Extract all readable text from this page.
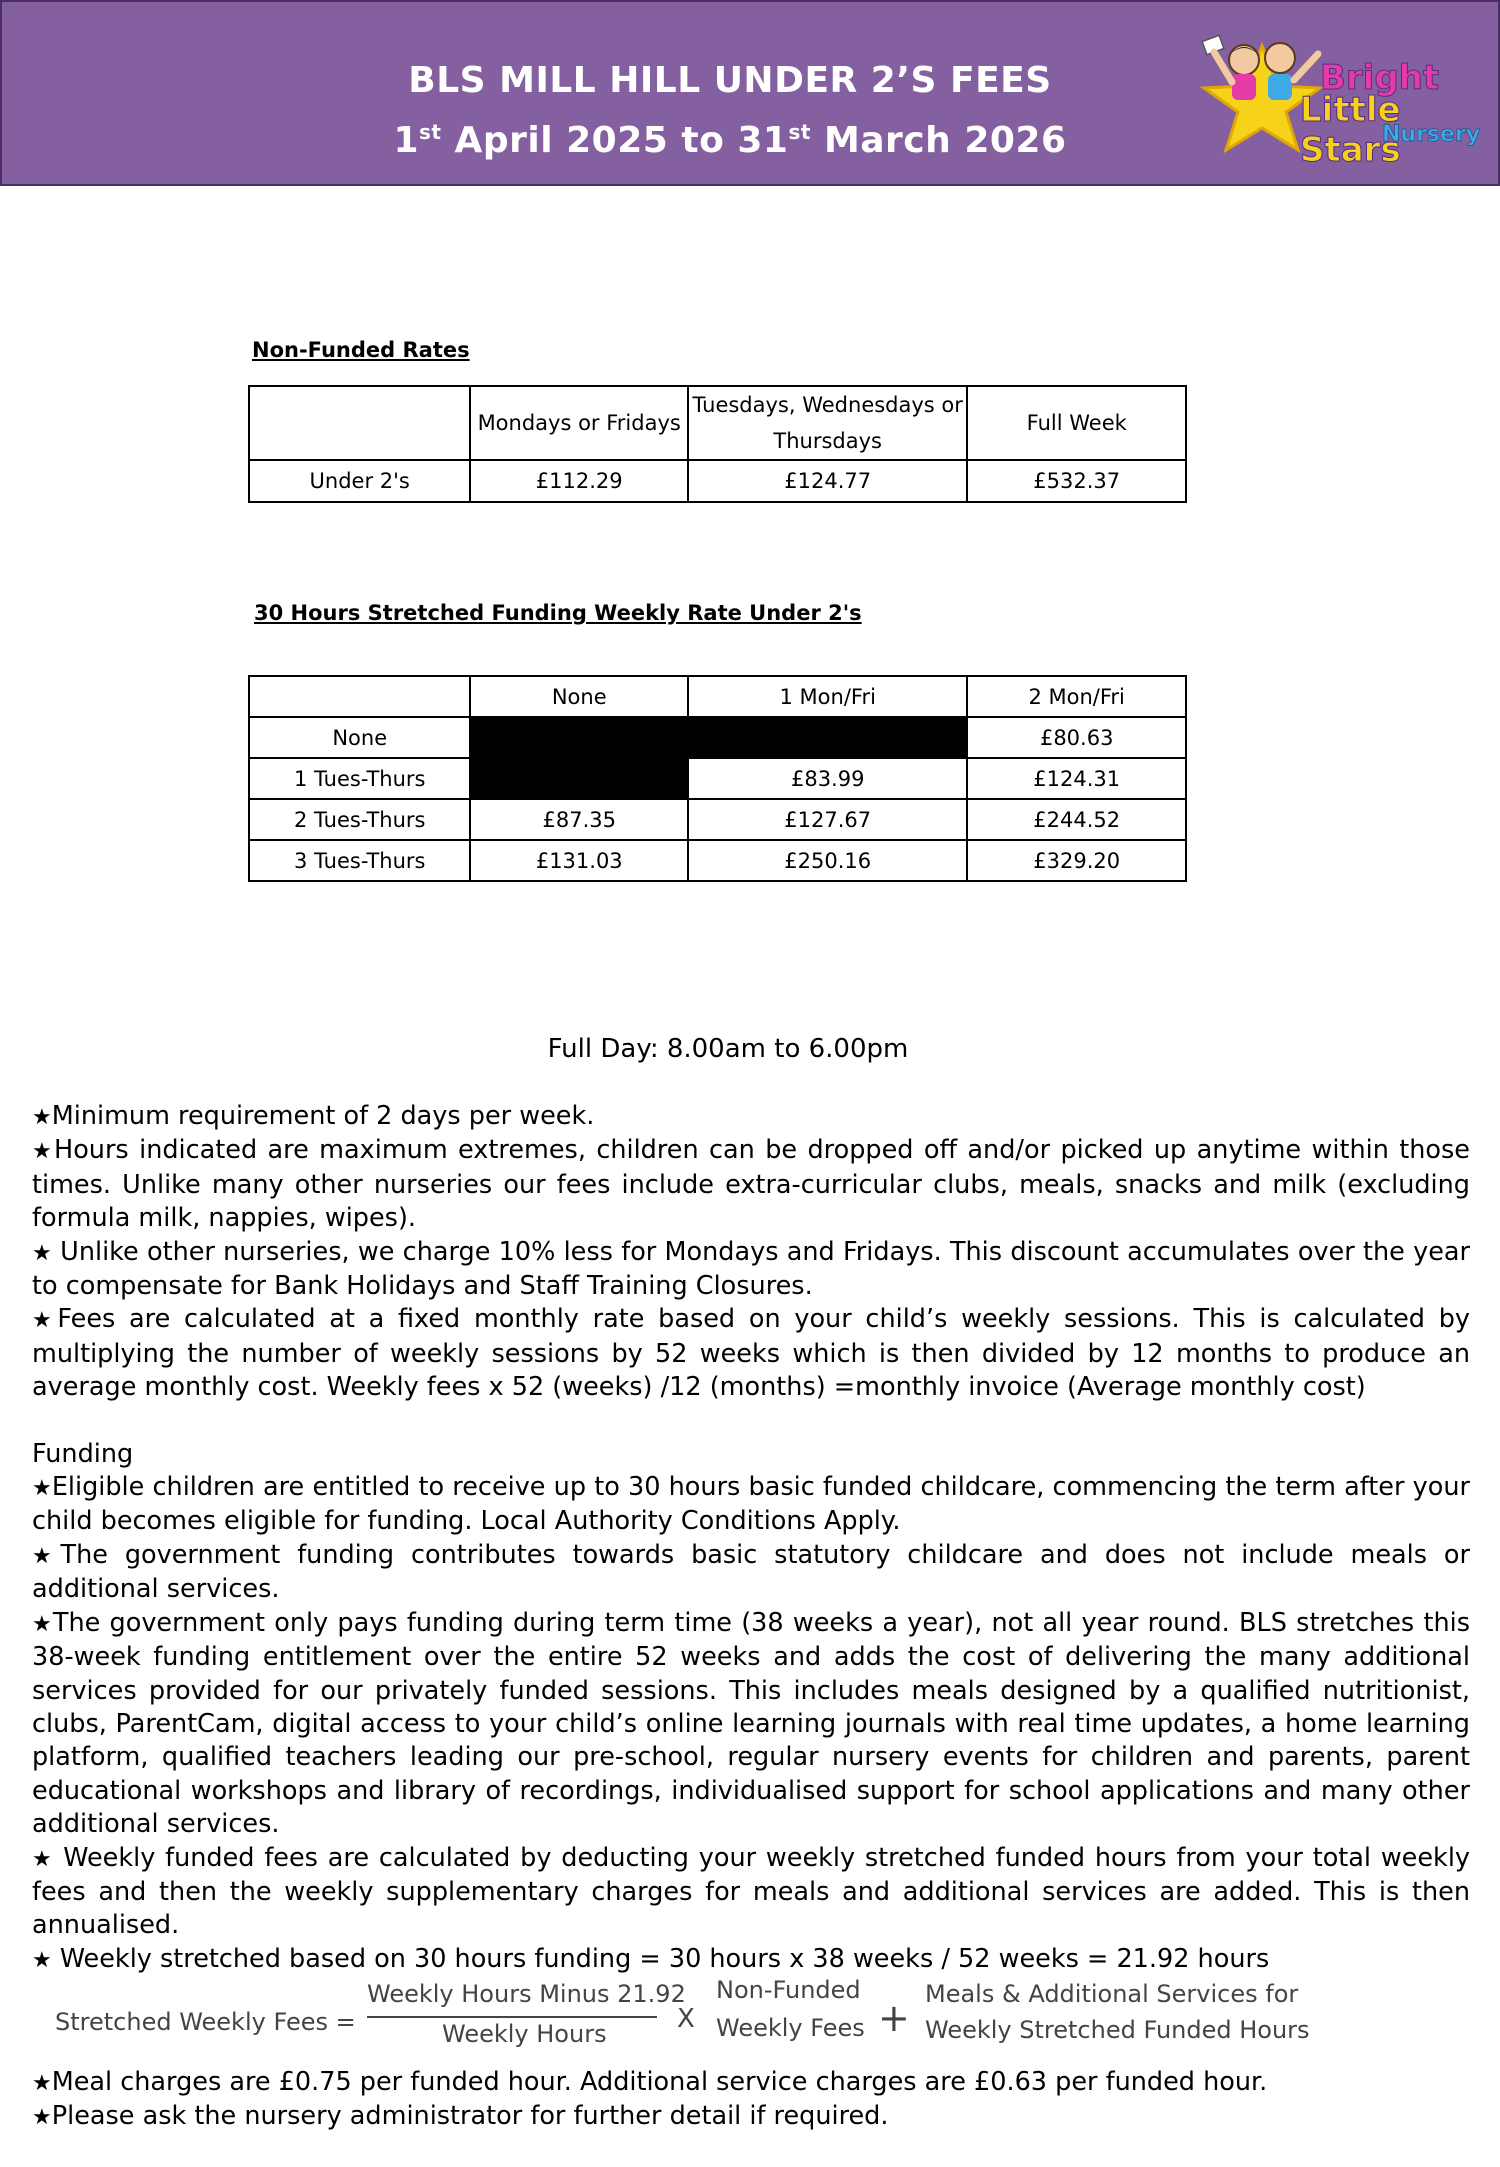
BLS MILL HILL UNDER 2’S FEES
1st April 2025 to 31st March 2026
Bright
Little Stars
Nursery
Non-Funded Rates
	Mondays or Fridays	Tuesdays, Wednesdays or Thursdays	Full Week
Under 2's	£112.29	£124.77	£532.37
30 Hours Stretched Funding Weekly Rate Under 2's
	None	1 Mon/Fri	2 Mon/Fri
None			£80.63
1 Tues-Thurs		£83.99	£124.31
2 Tues-Thurs	£87.35	£127.67	£244.52
3 Tues-Thurs	£131.03	£250.16	£329.20
Full Day: 8.00am to 6.00pm

★Minimum requirement of 2 days per week.

★Hours indicated are maximum extremes, children can be dropped off and/or picked up anytime within those times. Unlike many other nurseries our fees include extra-curricular clubs, meals, snacks and milk (excluding formula milk, nappies, wipes).

★ Unlike other nurseries, we charge 10% less for Mondays and Fridays. This discount accumulates over the year to compensate for Bank Holidays and Staff Training Closures.

★Fees are calculated at a fixed monthly rate based on your child’s weekly sessions. This is calculated by multiplying the number of weekly sessions by 52 weeks which is then divided by 12 months to produce an average monthly cost. Weekly fees x 52 (weeks) /12 (months) =monthly invoice (Average monthly cost)

Funding

★Eligible children are entitled to receive up to 30 hours basic funded childcare, commencing the term after your child becomes eligible for funding. Local Authority Conditions Apply.

★The government funding contributes towards basic statutory childcare and does not include meals or additional services.

★The government only pays funding during term time (38 weeks a year), not all year round. BLS stretches this 38-week funding entitlement over the entire 52 weeks and adds the cost of delivering the many additional services provided for our privately funded sessions. This includes meals designed by a qualified nutritionist, clubs, ParentCam, digital access to your child’s online learning journals with real time updates, a home learning platform, qualified teachers leading our pre-school, regular nursery events for children and parents, parent educational workshops and library of recordings, individualised support for school applications and many other additional services.

★ Weekly funded fees are calculated by deducting your weekly stretched funded hours from your total weekly fees and then the weekly supplementary charges for meals and additional services are added. This is then annualised.

★ Weekly stretched based on 30 hours funding = 30 hours x 38 weeks / 52 weeks = 21.92 hours

Stretched Weekly Fees =
Weekly Hours Minus 21.92
Weekly Hours	X
Non-Funded
Weekly Fees +
Meals & Additional Services for
Weekly Stretched Funded Hours

★Meal charges are £0.75 per funded hour. Additional service charges are £0.63 per funded hour.

★Please ask the nursery administrator for further detail if required.
